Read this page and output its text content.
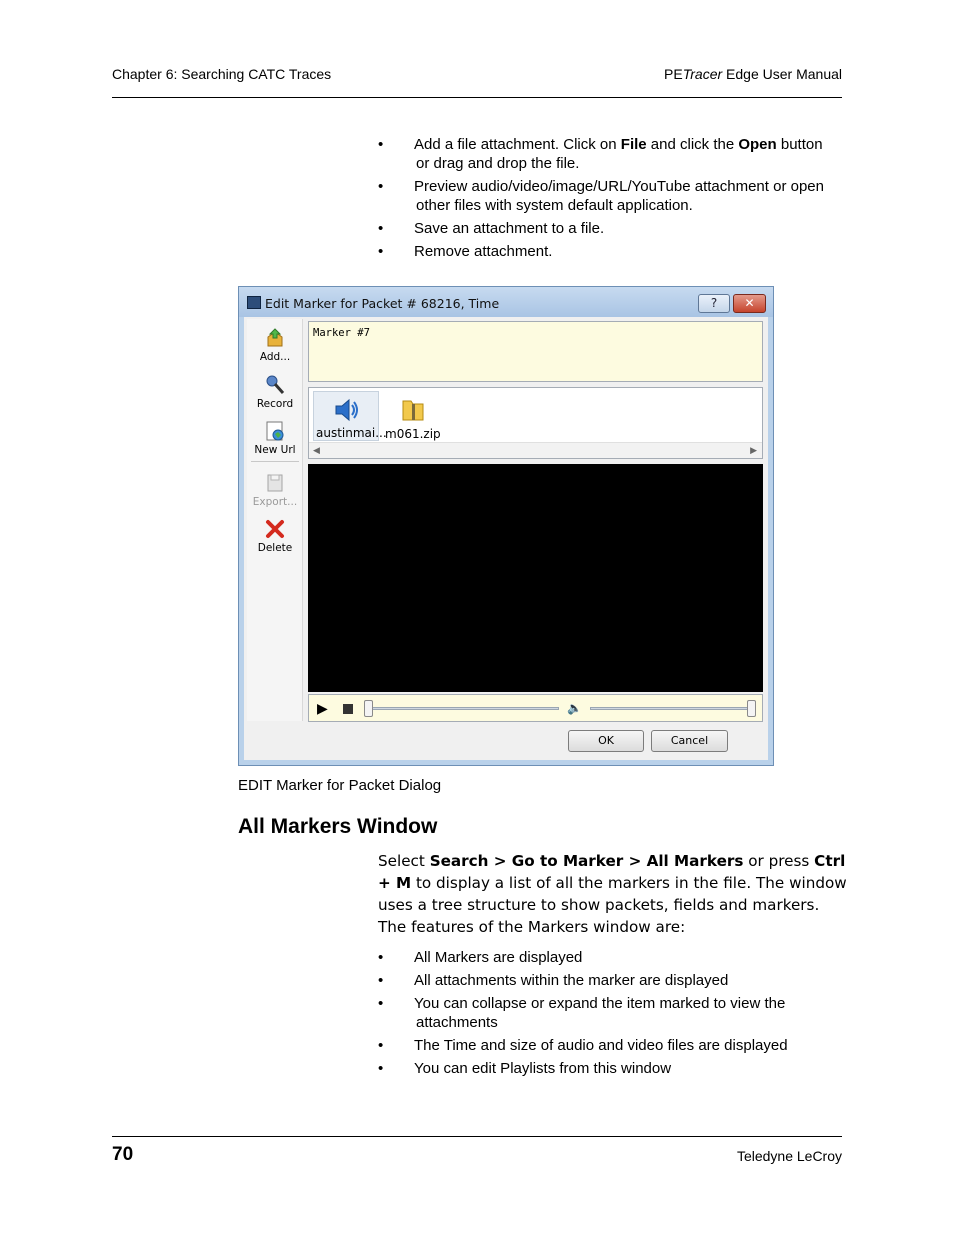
Chapter 6: Searching CATC Traces	PETracer Edge User Manual
• Add a file attachment. Click on File and click the Open button
or drag and drop the file.
• Preview audio/video/image/URL/YouTube attachment or open
other files with system default application.
• Save an attachment to a file.
• Remove attachment.
Edit Marker for Packet # 68216, Time	?	✕
Add...
Record
New Url
Export...
Delete
Marker #7
austinmai...
m061.zip
◀	▶
▶	🔈
OK	Cancel
EDIT Marker for Packet Dialog
All Markers Window

Select Search > Go to Marker > All Markers or press Ctrl + M to display a list of all the markers in the file. The window uses a tree structure to show packets, fields and markers. The features of the Markers window are:

• All Markers are displayed
• All attachments within the marker are displayed
• You can collapse or expand the item marked to view the
attachments
• The Time and size of audio and video files are displayed
• You can edit Playlists from this window
70	Teledyne LeCroy
